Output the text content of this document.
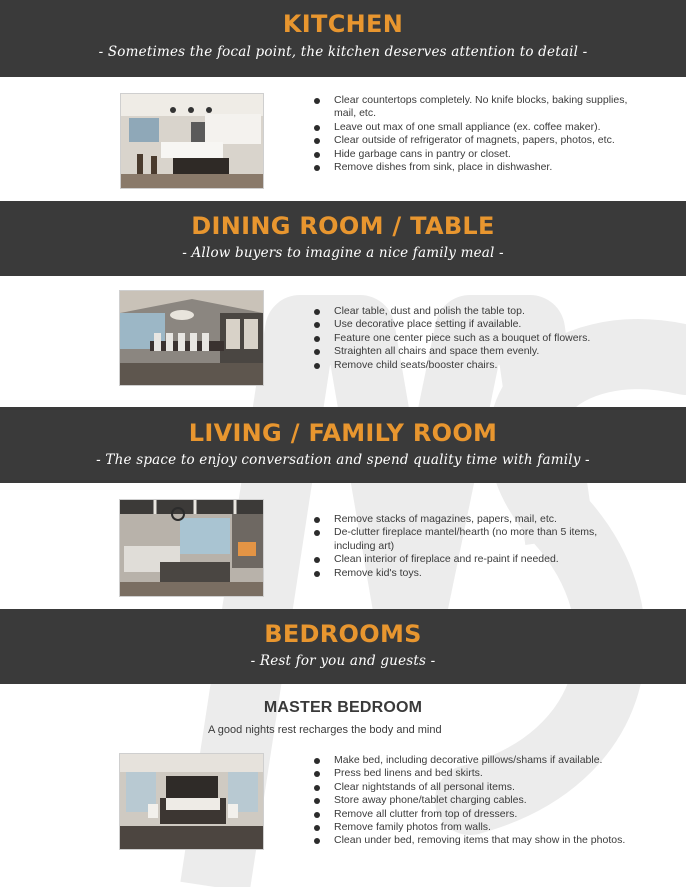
KITCHEN
- Sometimes the focal point, the kitchen deserves attention to detail -
Clear countertops completely. No knife blocks, baking supplies, mail, etc.
Leave out max of one small appliance (ex. coffee maker).
Clear outside of refrigerator of magnets, papers, photos, etc.
Hide garbage cans in pantry or closet.
Remove dishes from sink, place in dishwasher.
DINING ROOM / TABLE
- Allow buyers to imagine a nice family meal -
Clear table, dust and polish the table top.
Use decorative place setting if available.
Feature one center piece such as a bouquet of flowers.
Straighten all chairs and space them evenly.
Remove child seats/booster chairs.
LIVING / FAMILY ROOM
- The space to enjoy conversation and spend quality time with family -
Remove stacks of magazines, papers, mail, etc.
De-clutter fireplace mantel/hearth (no more than 5 items, including art)
Clean interior of fireplace and re-paint if needed.
Remove kid's toys.
BEDROOMS
- Rest for you and guests -
MASTER BEDROOM
A good nights rest recharges the body and mind
Make bed, including decorative pillows/shams if available.
Press bed linens and bed skirts.
Clear nightstands of all personal items.
Store away phone/tablet charging cables.
Remove all clutter from top of dressers.
Remove family photos from walls.
Clean under bed, removing items that may show in the photos.
